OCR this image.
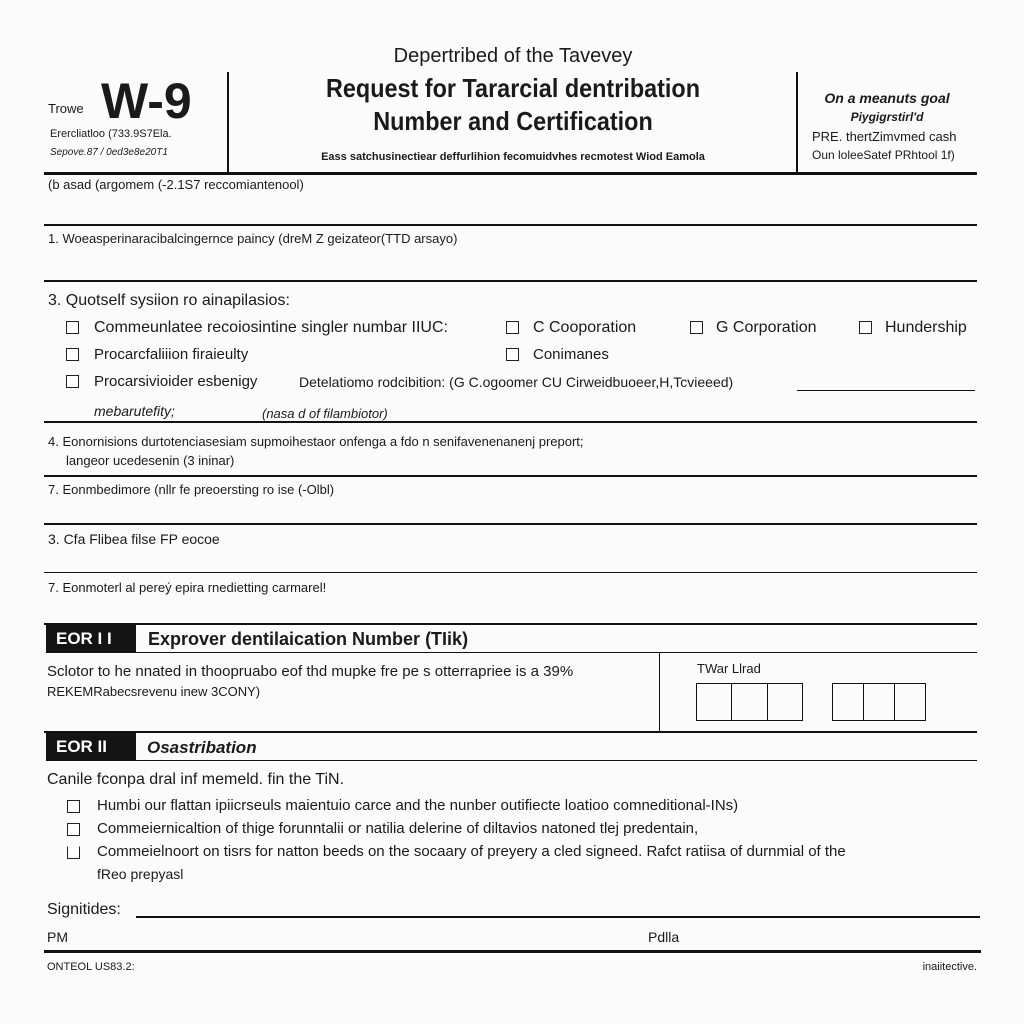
Trowe W-9
Erercliatloo (733.9S7Ela.
Sepove.87 / 0ed3e8e20T1
Depertribed of the Tavevey
Request for Tararcial dentribation
Number and Certification
Eass satchusinectiear deffurlihion fecomuidvhes recmotest Wiod Eamola
On a meanuts goal
Piygigrstirl'd
PRE. thertZimvmed cash
Oun loleeSatef PRhtool 1f)
(b asad (argomem (-2.1S7 reccomiantenool)
1. Woeasperinaracibalcingernce paincy (dreM Z geizateor(TTD arsayo)
3. Quotself sysiion ro ainapilasios:
Commeunlatee recoiosintine singler numbar IIUC:	C Cooporation	G Corporation	Hundership
Procarcfaliiion firaieulty	Conimanes
Procarsivioider esbenigy	Detelatiomo rodcibition: (G C.ogoomer CU Cirweidbuoeer,H,Tcvieeed)
mebarutefity;	(nasa d of filambiotor)
4. Eonornisions durtotenciasesiam supmoihestaor onfenga a fdo n senifavenenanenj preport;
langeor ucedesenin (3 ininar)
7. Eonmbedimore (nllr fe preoersting ro ise (-Olbl)
3. Cfa Flibea filse FP eocoe
7. Eonmoterl al pereý epira rnedietting carmarel!
EOR I I	Exprover dentilaication Number (TIik)
Sclotor to he nnated in thoopruabo eof thd mupke fre pe s otterrapriee is a 39%
REKEMRabecsrevenu inew 3CONY)
TWar Llrad
EOR II	Osastribation
Canile fconpa dral inf memeld. fin the TiN.
Humbi our flattan ipiicrseuls maientuio carce and the nunber outifiecte loatioo comneditional-INs)
Commeiernicaltion of thige forunntalii or natilia delerine of diltavios natoned tlej predentain,
Commeielnoort on tisrs for natton beeds on the socaary of preyery a cled signeed. Rafct ratiisa of durnmial of the
fReo prepyasl
Signitides:
PM	Pdlla
ONTEOL US83.2:	inaiitective.
